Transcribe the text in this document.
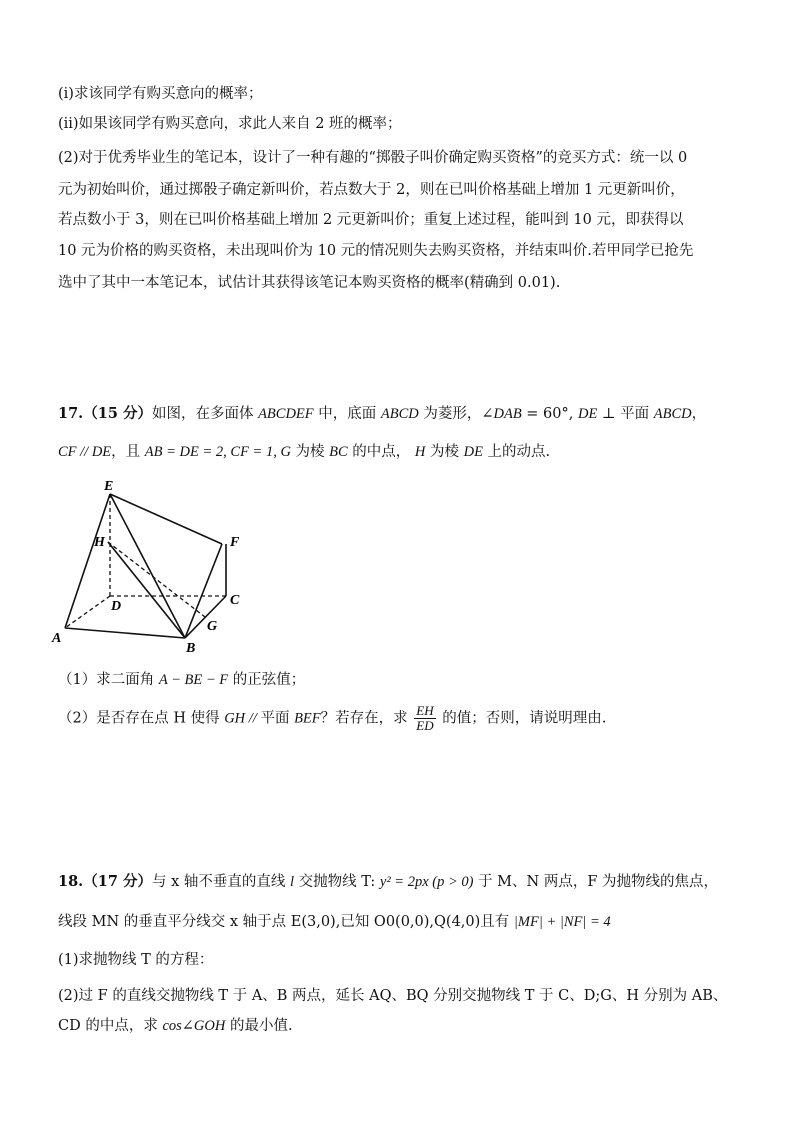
(i)求该同学有购买意向的概率；
(ii)如果该同学有购买意向，求此人来自 2 班的概率；
(2)对于优秀毕业生的笔记本，设计了一种有趣的“掷骰子叫价确定购买资格”的竞买方式：统一以 0
元为初始叫价，通过掷骰子确定新叫价，若点数大于 2，则在已叫价格基础上增加 1 元更新叫价，
若点数小于 3，则在已叫价格基础上增加 2 元更新叫价；重复上述过程，能叫到 10 元，即获得以
10 元为价格的购买资格，未出现叫价为 10 元的情况则失去购买资格，并结束叫价.若甲同学已抢先
选中了其中一本笔记本，试估计其获得该笔记本购买资格的概率(精确到 0.01).
17.（15 分）如图，在多面体 ABCDEF 中，底面 ABCD 为菱形，∠DAB = 60°, DE ⊥ 平面 ABCD，
CF // DE，且 AB = DE = 2, CF = 1, G 为棱 BC 的中点， H 为棱 DE 上的动点.
E
H	F
D	C
A
B
G
（1）求二面角 A − BE − F 的正弦值；
（2）是否存在点 H 使得 GH // 平面 BEF？若存在，求 $\frac{EH}{ED}$ 的值；否则，请说明理由.
18.（17 分）与 x 轴不垂直的直线 l 交抛物线 T: y² = 2px (p > 0) 于 M、N 两点，F 为抛物线的焦点，
线段 MN 的垂直平分线交 x 轴于点 E(3,0),已知 O0(0,0),Q(4,0)且有 |MF| + |NF| = 4
(1)求抛物线 T 的方程：
(2)过 F 的直线交抛物线 T 于 A、B 两点，延长 AQ、BQ 分别交抛物线 T 于 C、D;G、H 分别为 AB、
CD 的中点，求 cos∠GOH 的最小值.
